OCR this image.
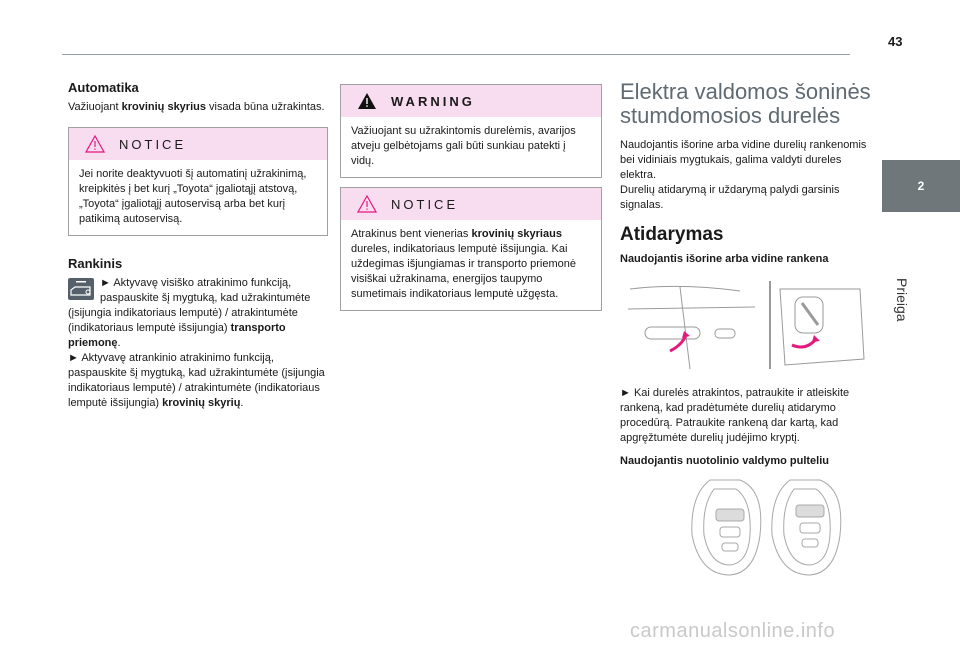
43
2
Prieiga
Automatika

Važiuojant krovinių skyrius visada būna užrakintas.

NOTICE

Jei norite deaktyvuoti šį automatinį užrakinimą, kreipkitės į bet kurį „Toyota“ įgaliotąjį atstovą, „Toyota“ įgaliotąjį autoservisą arba bet kurį patikimą autoservisą.

Rankinis

► Aktyvavę visiško atrakinimo funkciją, paspauskite šį mygtuką, kad užrakintumėte (įsijungia indikatoriaus lemputė) / atrakintumėte (indikatoriaus lemputė išsijungia) transporto priemonę.

► Aktyvavę atrankinio atrakinimo funkciją, paspauskite šį mygtuką, kad užrakintumėte (įsijungia indikatoriaus lemputė) / atrakintumėte (indikatoriaus lemputė išsijungia) krovinių skyrių.

WARNING

Važiuojant su užrakintomis durelėmis, avarijos atveju gelbėtojams gali būti sunkiau patekti į vidų.

NOTICE

Atrakinus bent vienerias krovinių skyriaus dureles, indikatoriaus lemputė išsijungia. Kai uždegimas išjungiamas ir transporto priemonė visiškai užrakinama, energijos taupymo sumetimais indikatoriaus lemputė užgęsta.

Elektra valdomos šoninės stumdomosios durelės

Naudojantis išorine arba vidine durelių rankenomis bei vidiniais mygtukais, galima valdyti dureles elektra.

Durelių atidarymą ir uždarymą palydi garsinis signalas.

Atidarymas
Naudojantis išorine arba vidine rankena

► Kai durelės atrakintos, patraukite ir atleiskite rankeną, kad pradėtumėte durelių atidarymo procedūrą. Patraukite rankeną dar kartą, kad apgręžtumėte durelių judėjimo kryptį.

Naudojantis nuotolinio valdymo pulteliu
carmanualsonline.info
